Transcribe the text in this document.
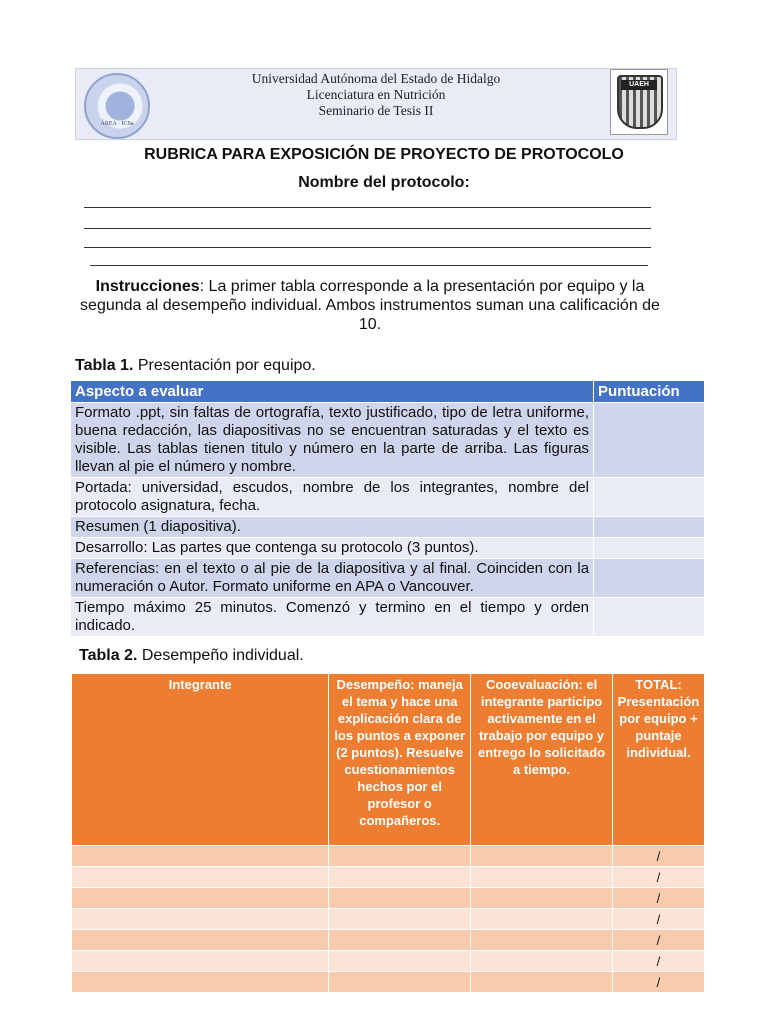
ÁREA · ICSa
Universidad Autónoma del Estado de Hidalgo
Licenciatura en Nutrición
Seminario de Tesis II
UAEH
RUBRICA PARA EXPOSICIÓN DE PROYECTO DE PROTOCOLO
Nombre del protocolo:
Instrucciones: La primer tabla corresponde a la presentación por equipo y la segunda al desempeño individual. Ambos instrumentos suman una calificación de 10.
Tabla 1. Presentación por equipo.
Aspecto a evaluar	Puntuación
Formato .ppt, sin faltas de ortografía, texto justificado, tipo de letra uniforme, buena redacción, las diapositivas no se encuentran saturadas y el texto es visible. Las tablas tienen titulo y número en la parte de arriba. Las figuras llevan al pie el número y nombre.	
Portada: universidad, escudos, nombre de los integrantes, nombre del protocolo asignatura, fecha.	
Resumen (1 diapositiva).	
Desarrollo: Las partes que contenga su protocolo (3 puntos).	
Referencias: en el texto o al pie de la diapositiva y al final. Coinciden con la numeración o Autor. Formato uniforme en APA o Vancouver.	
Tiempo máximo 25 minutos. Comenzó y termino en el tiempo y orden indicado.	
Tabla 2. Desempeño individual.
Integrante	Desempeño: maneja el tema y hace una explicación clara de los puntos a exponer (2 puntos). Resuelve cuestionamientos hechos por el profesor o compañeros.	Cooevaluación: el integrante participo activamente en el trabajo por equipo y entrego lo solicitado a tiempo.	TOTAL: Presentación por equipo + puntaje individual.
			/
			/
			/
			/
			/
			/
			/
